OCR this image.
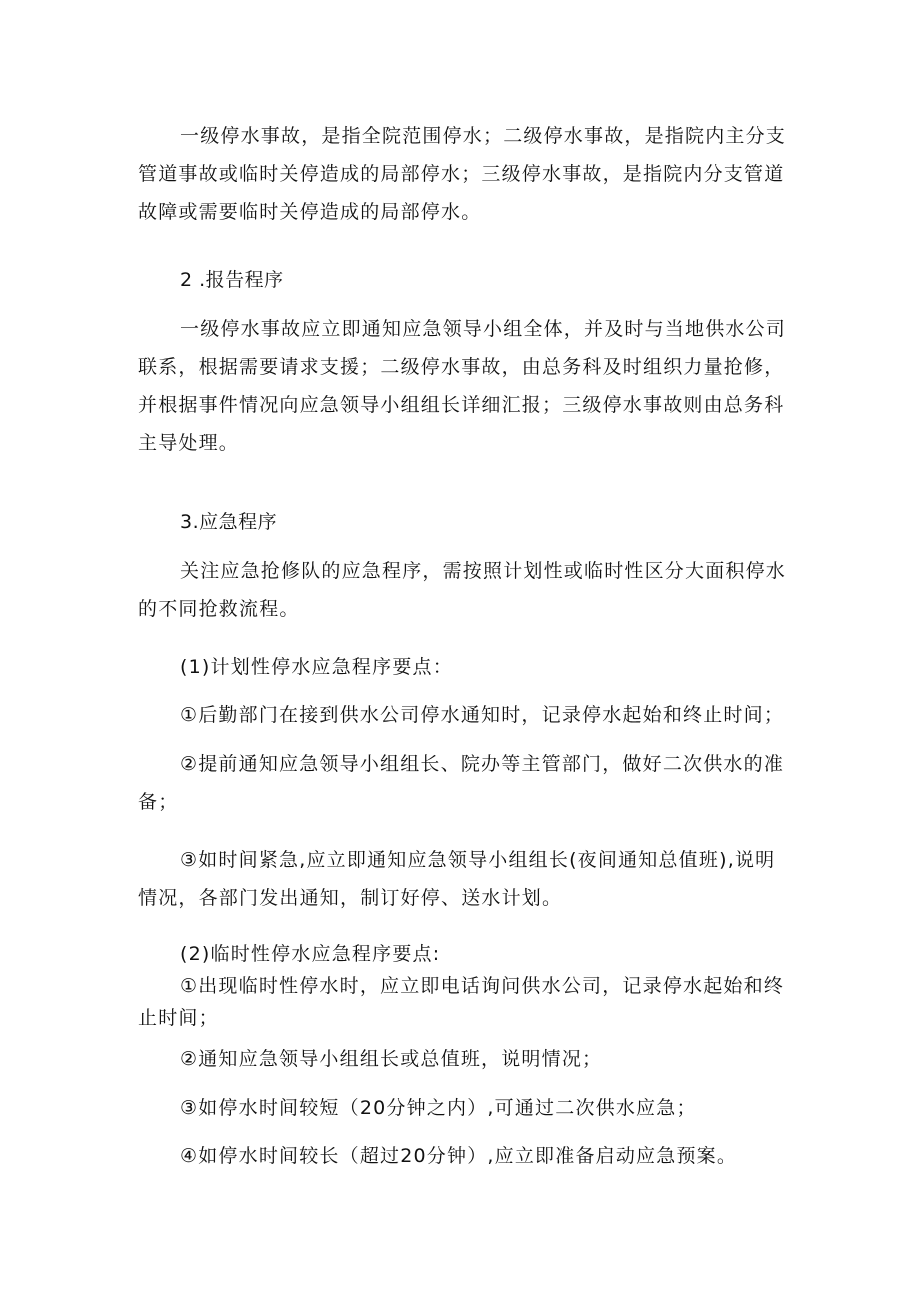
一级停水事故，是指全院范围停水；二级停水事故，是指院内主分支管道事故或临时关停造成的局部停水；三级停水事故，是指院内分支管道故障或需要临时关停造成的局部停水。

2 .报告程序

一级停水事故应立即通知应急领导小组全体，并及时与当地供水公司联系，根据需要请求支援；二级停水事故，由总务科及时组织力量抢修，并根据事件情况向应急领导小组组长详细汇报；三级停水事故则由总务科主导处理。

3.应急程序

关注应急抢修队的应急程序，需按照计划性或临时性区分大面积停水的不同抢救流程。

(1)计划性停水应急程序要点：

①后勤部门在接到供水公司停水通知时，记录停水起始和终止时间；

②提前通知应急领导小组组长、院办等主管部门，做好二次供水的准备；

③如时间紧急,应立即通知应急领导小组组长(夜间通知总值班),说明情况，各部门发出通知，制订好停、送水计划。

(2)临时性停水应急程序要点:

①出现临时性停水时，应立即电话询问供水公司，记录停水起始和终止时间；

②通知应急领导小组组长或总值班，说明情况；

③如停水时间较短（20分钟之内）,可通过二次供水应急；

④如停水时间较长（超过20分钟）,应立即准备启动应急预案。
